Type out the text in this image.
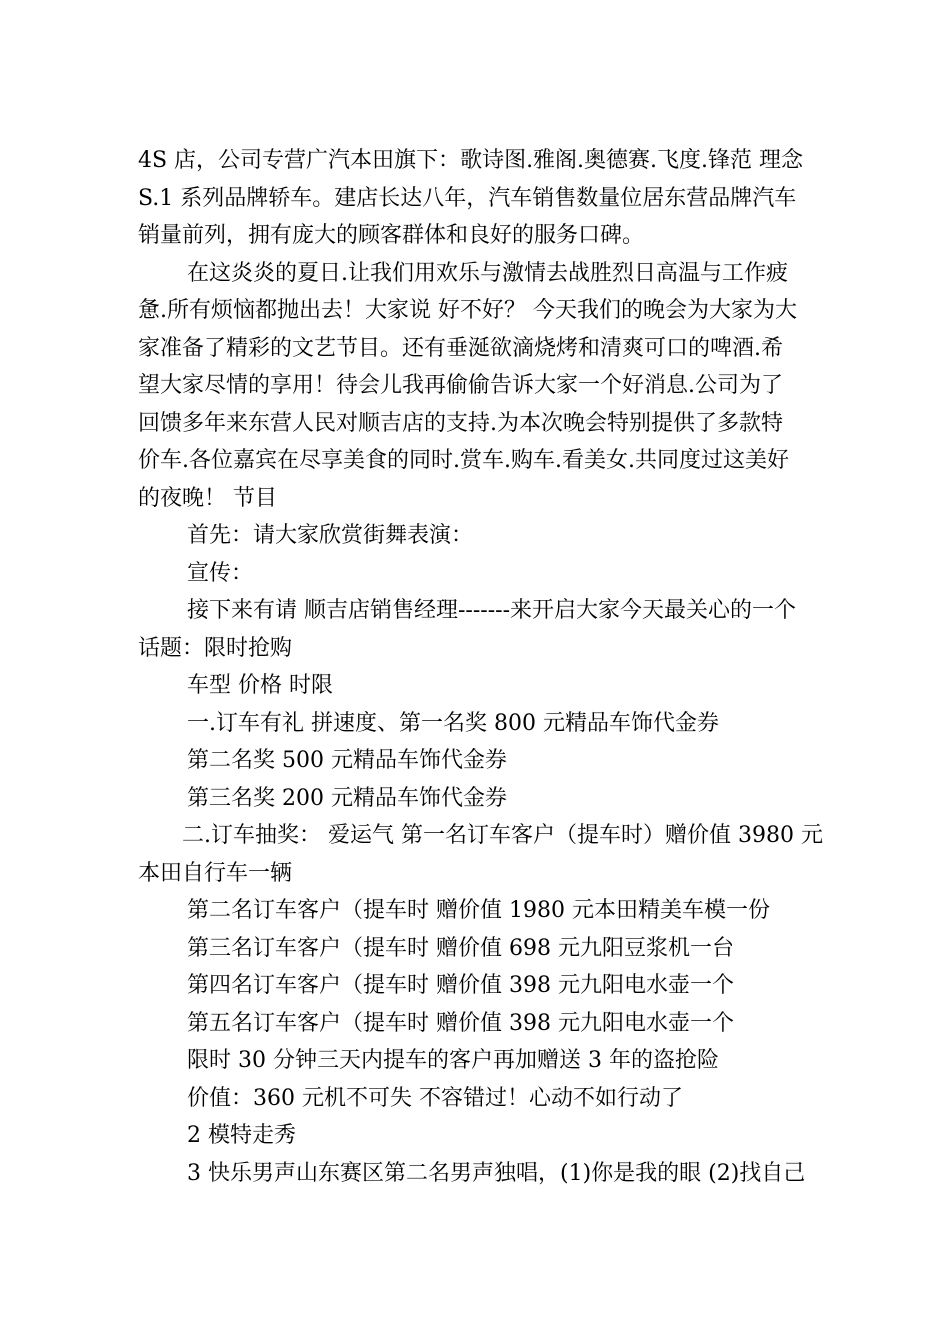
4S 店，公司专营广汽本田旗下：歌诗图.雅阁.奥德赛.飞度.锋范 理念

S.1 系列品牌轿车。建店长达八年，汽车销售数量位居东营品牌汽车

销量前列，拥有庞大的顾客群体和良好的服务口碑。

在这炎炎的夏日.让我们用欢乐与激情去战胜烈日高温与工作疲

惫.所有烦恼都抛出去！大家说 好不好？ 今天我们的晚会为大家为大

家准备了精彩的文艺节目。还有垂涎欲滴烧烤和清爽可口的啤酒.希

望大家尽情的享用！待会儿我再偷偷告诉大家一个好消息.公司为了

回馈多年来东营人民对顺吉店的支持.为本次晚会特别提供了多款特

价车.各位嘉宾在尽享美食的同时.赏车.购车.看美女.共同度过这美好

的夜晚！ 节目

首先：请大家欣赏街舞表演：

宣传：

接下来有请 顺吉店销售经理-------来开启大家今天最关心的一个

话题：限时抢购

车型 价格 时限

一.订车有礼 拼速度、第一名奖 800 元精品车饰代金券

第二名奖 500 元精品车饰代金券

第三名奖 200 元精品车饰代金券

二.订车抽奖： 爱运气 第一名订车客户（提车时）赠价值 3980 元

本田自行车一辆

第二名订车客户（提车时 赠价值 1980 元本田精美车模一份

第三名订车客户（提车时 赠价值 698 元九阳豆浆机一台

第四名订车客户（提车时 赠价值 398 元九阳电水壶一个

第五名订车客户（提车时 赠价值 398 元九阳电水壶一个

限时 30 分钟三天内提车的客户再加赠送 3 年的盗抢险

价值：360 元机不可失 不容错过！心动不如行动了

2 模特走秀

3 快乐男声山东赛区第二名男声独唱，(1)你是我的眼 (2)找自己
